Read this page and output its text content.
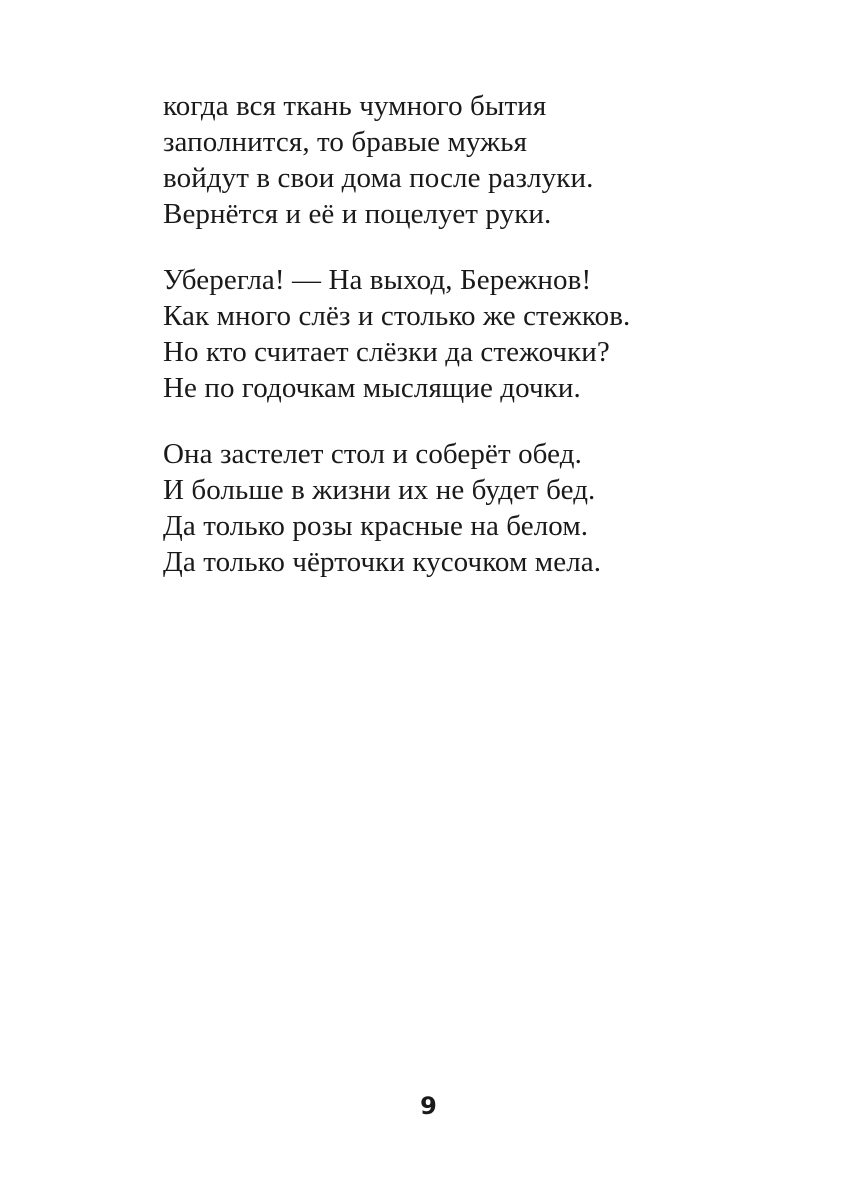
когда вся ткань чумного бытия
заполнится, то бравые мужья
войдут в свои дома после разлуки.
Вернётся и её и поцелует руки.
Уберегла! — На выход, Бережнов!
Как много слёз и столько же стежков.
Но кто считает слёзки да стежочки?
Не по годочкам мыслящие дочки.
Она застелет стол и соберёт обед.
И больше в жизни их не будет бед.
Да только розы красные на белом.
Да только чёрточки кусочком мела.
9
